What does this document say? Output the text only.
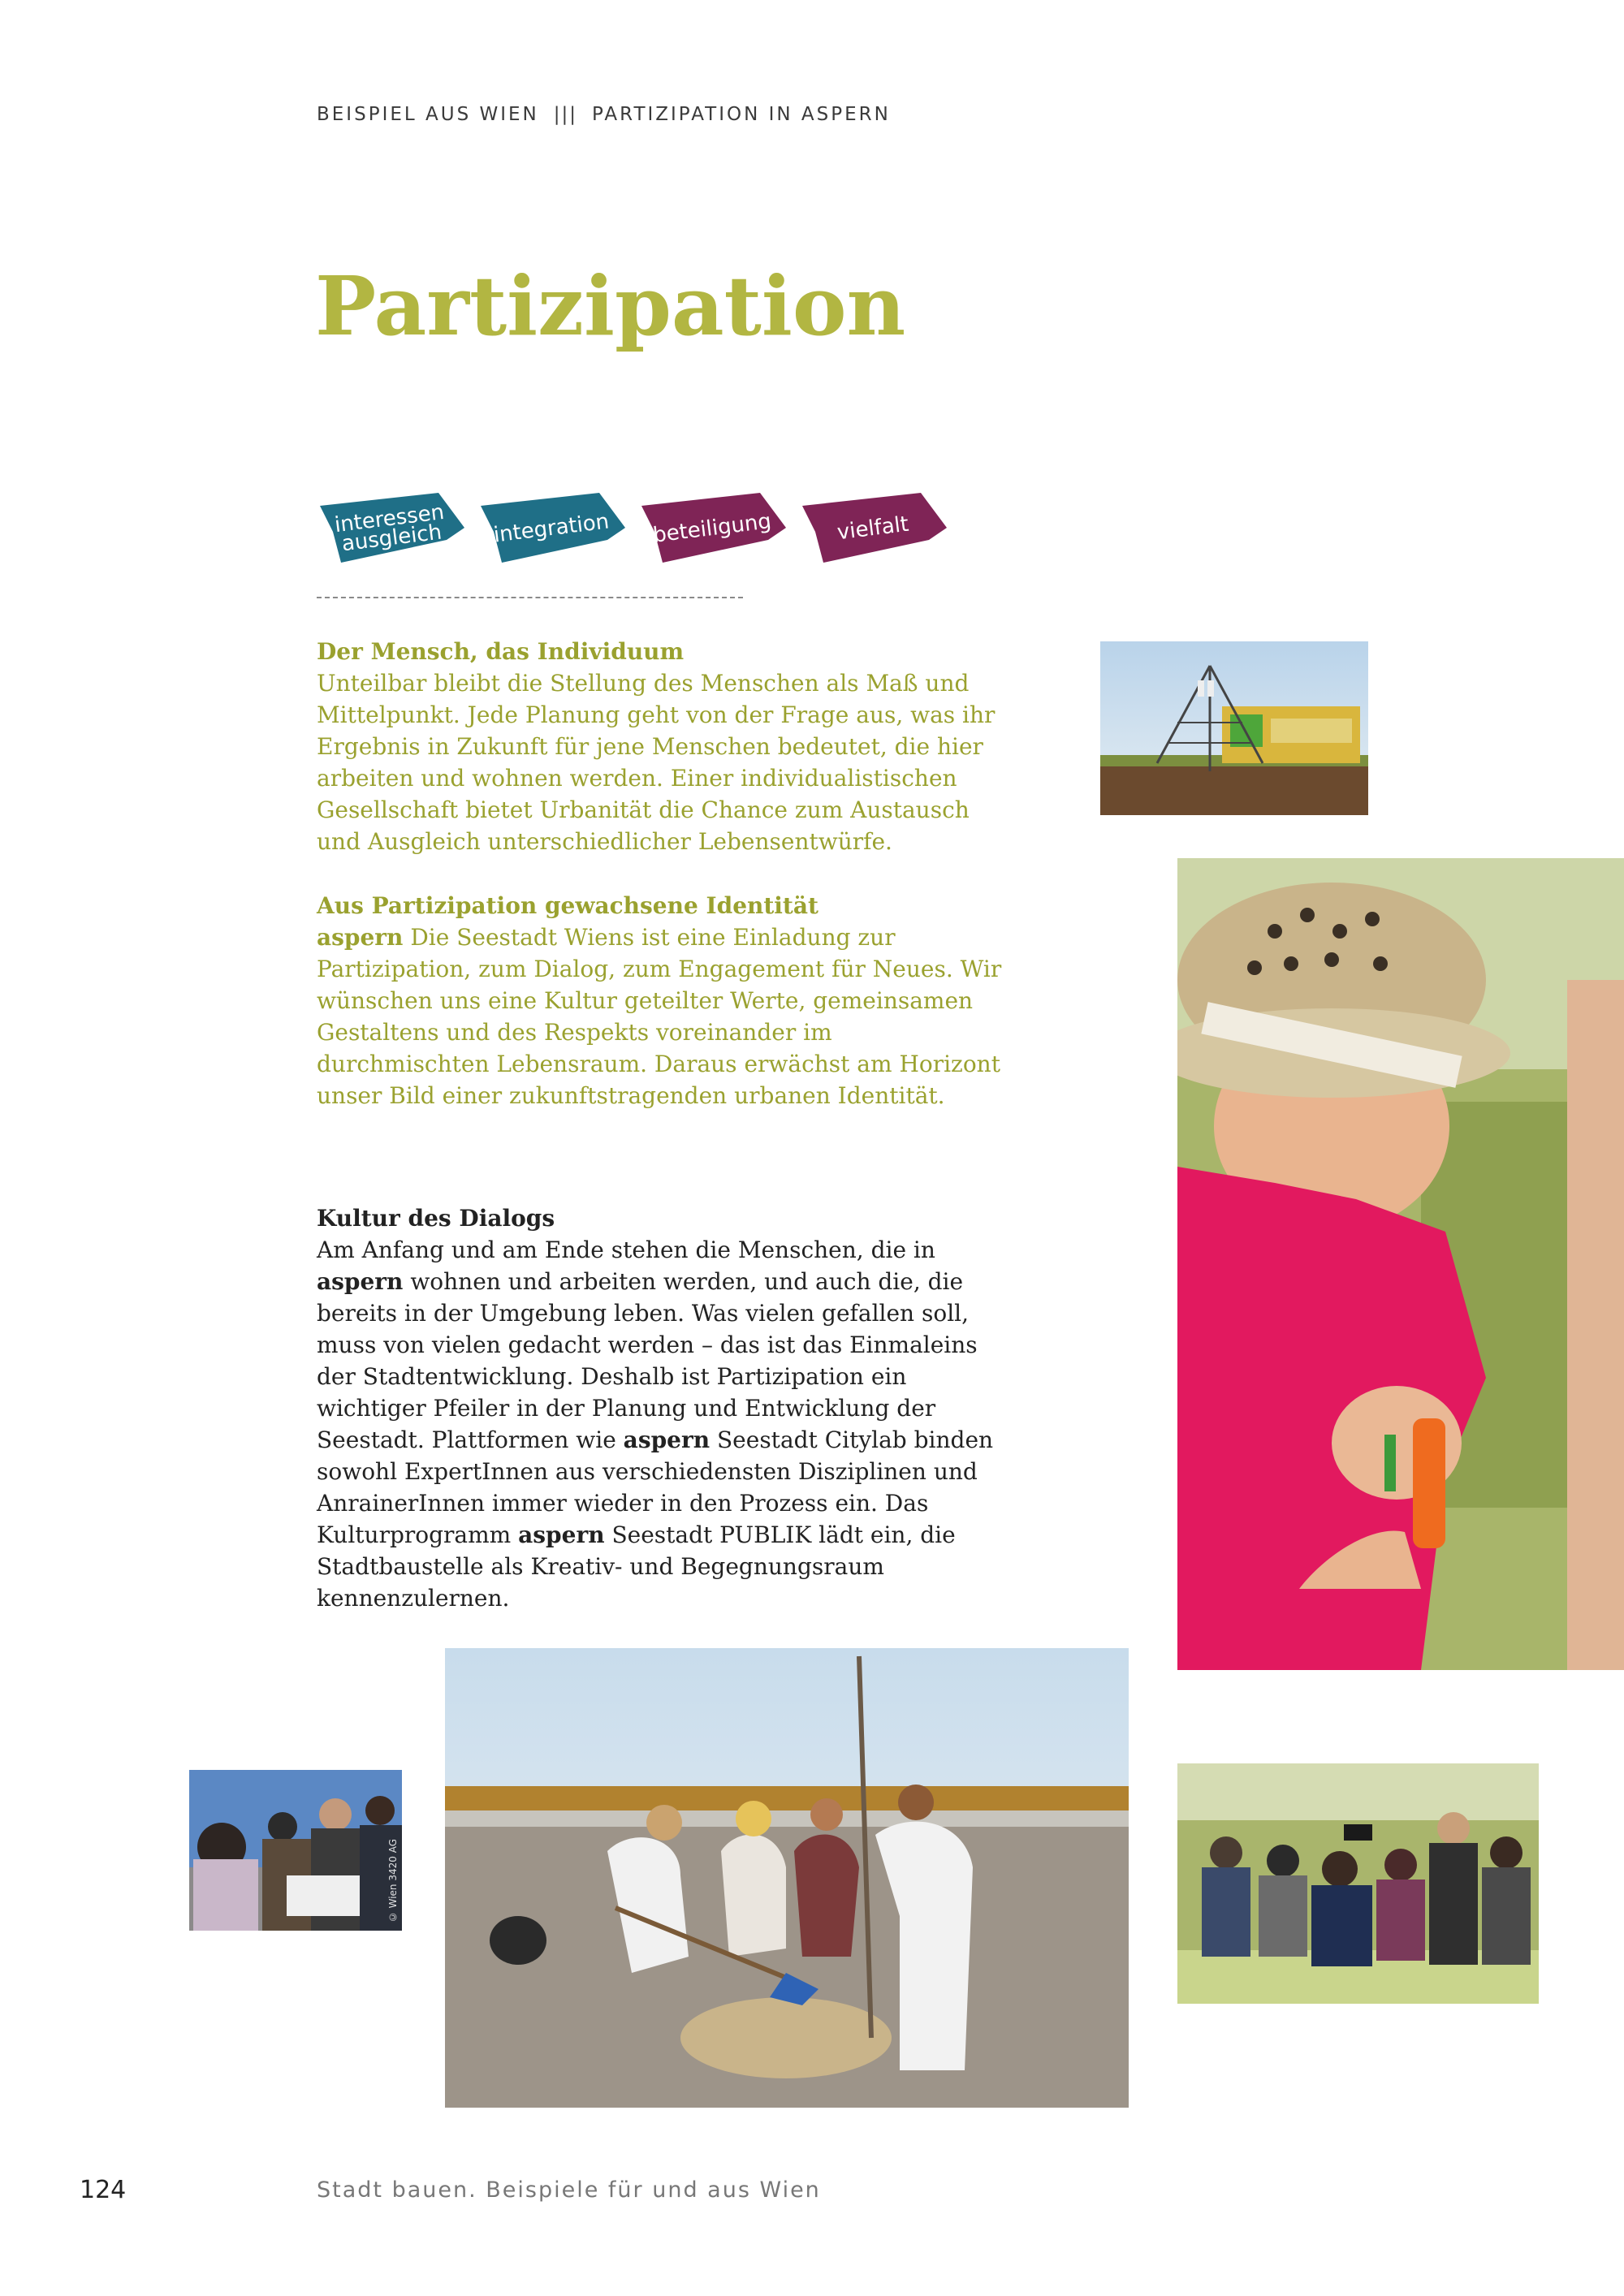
BEISPIEL AUS WIEN ||| PARTIZIPATION IN ASPERN
Partizipation
interessen ausgleich	integration	beteiligung	vielfalt
Der Mensch, das Individuum

Unteilbar bleibt die Stellung des Menschen als Maß und Mittelpunkt. Jede Planung geht von der Frage aus, was ihr Ergebnis in Zukunft für jene Menschen bedeutet, die hier arbeiten und wohnen werden. Einer individualistischen Gesellschaft bietet Urbanität die Chance zum Austausch und Ausgleich unterschiedlicher Lebensentwürfe.

Aus Partizipation gewachsene Identität

aspern Die Seestadt Wiens ist eine Einladung zur Partizipation, zum Dialog, zum Engagement für Neues. Wir wünschen uns eine Kultur geteilter Werte, gemeinsamen Gestaltens und des Respekts voreinander im durchmischten Lebensraum. Daraus erwächst am Horizont unser Bild einer zukunftstragenden urbanen Identität.

Kultur des Dialogs

Am Anfang und am Ende stehen die Menschen, die in aspern wohnen und arbeiten werden, und auch die, die bereits in der Umgebung leben. Was vielen gefallen soll, muss von vielen gedacht werden – das ist das Einmaleins der Stadtentwicklung. Deshalb ist Partizipation ein wichtiger Pfeiler in der Planung und Entwicklung der Seestadt. Plattformen wie aspern Seestadt Citylab binden sowohl ExpertInnen aus verschiedensten Disziplinen und AnrainerInnen immer wieder in den Prozess ein. Das Kulturprogramm aspern Seestadt PUBLIK lädt ein, die Stadtbaustelle als Kreativ- und Begegnungsraum kennenzulernen.

© Wien 3420 AG
124	Stadt bauen. Beispiele für und aus Wien
